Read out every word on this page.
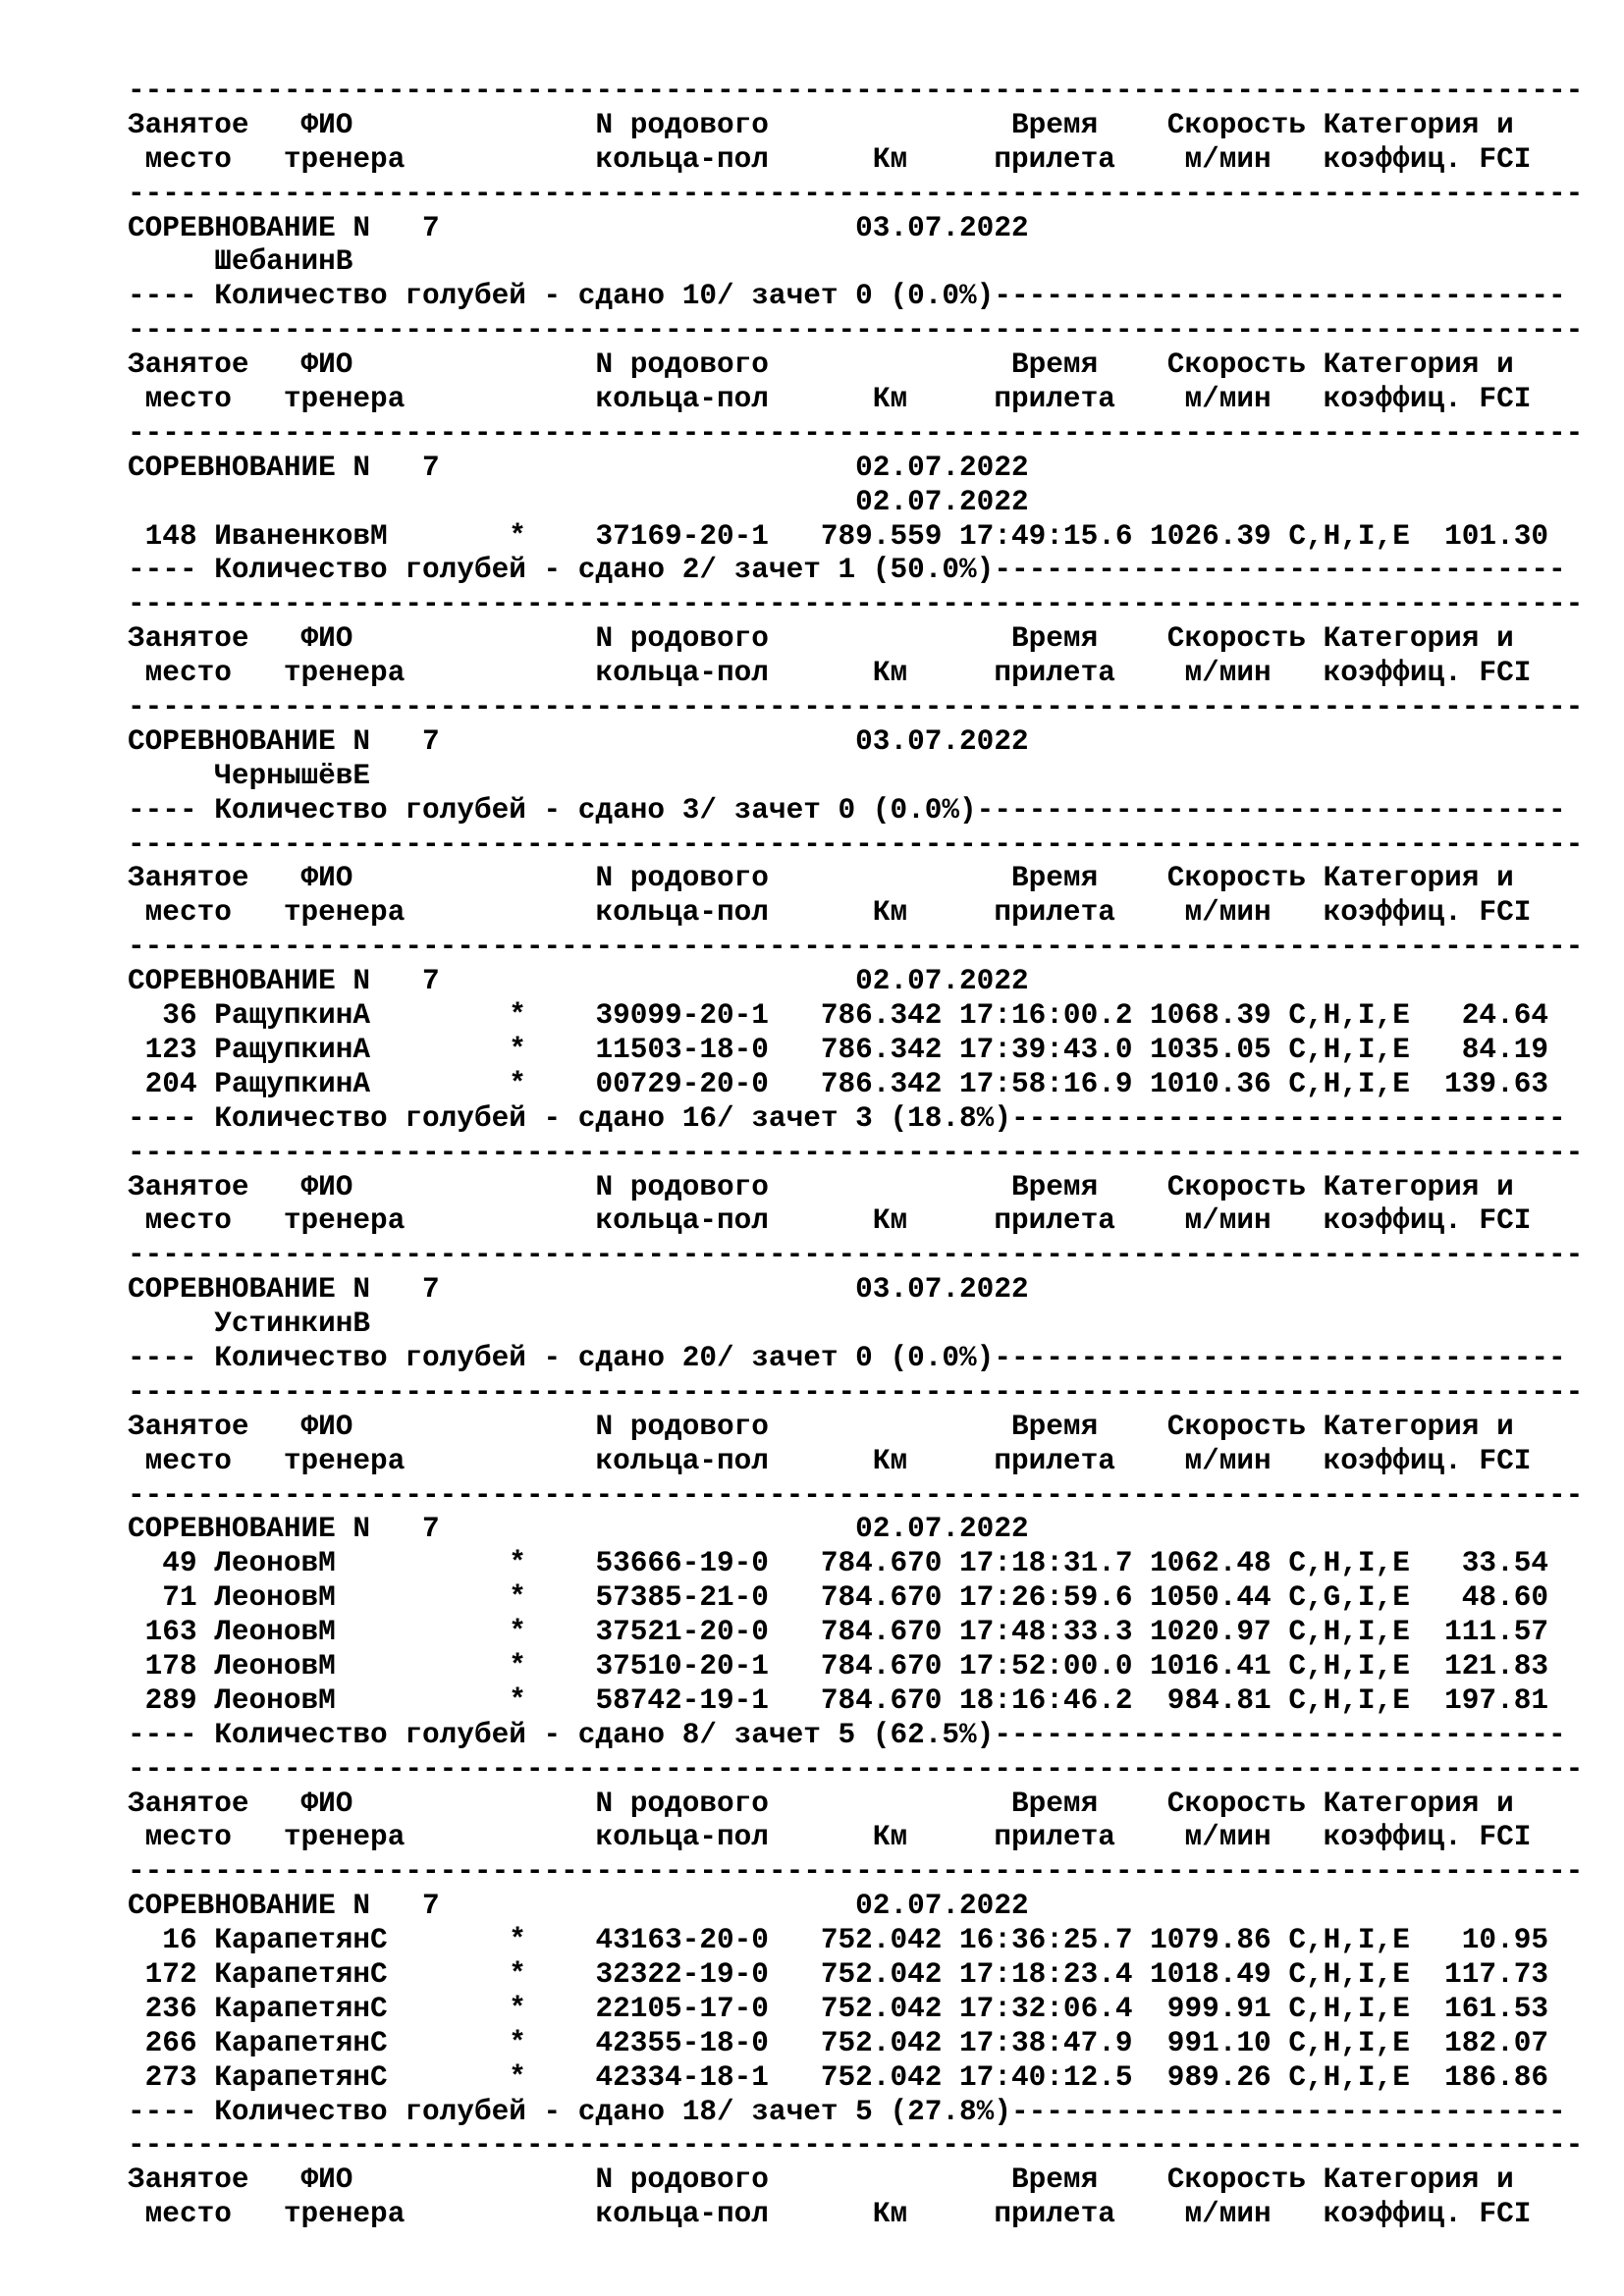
------------------------------------------------------------------------------------
Занятое   ФИО              N родового              Время    Скорость Категория и
место   тренера           кольца-пол      Км     прилета    м/мин   коэффиц. FCI
------------------------------------------------------------------------------------
СОРЕВНОВАНИЕ N   7                        03.07.2022
ШебанинВ
---- Количество голубей - сдано 10/ зачет 0 (0.0%)---------------------------------
------------------------------------------------------------------------------------
Занятое   ФИО              N родового              Время    Скорость Категория и
место   тренера           кольца-пол      Км     прилета    м/мин   коэффиц. FCI
------------------------------------------------------------------------------------
СОРЕВНОВАНИЕ N   7                        02.07.2022
02.07.2022
148 ИваненковМ       *    37169-20-1   789.559 17:49:15.6 1026.39 C,H,I,E  101.30
---- Количество голубей - сдано 2/ зачет 1 (50.0%)---------------------------------
------------------------------------------------------------------------------------
Занятое   ФИО              N родового              Время    Скорость Категория и
место   тренера           кольца-пол      Км     прилета    м/мин   коэффиц. FCI
------------------------------------------------------------------------------------
СОРЕВНОВАНИЕ N   7                        03.07.2022
ЧернышёвЕ
---- Количество голубей - сдано 3/ зачет 0 (0.0%)----------------------------------
------------------------------------------------------------------------------------
Занятое   ФИО              N родового              Время    Скорость Категория и
место   тренера           кольца-пол      Км     прилета    м/мин   коэффиц. FCI
------------------------------------------------------------------------------------
СОРЕВНОВАНИЕ N   7                        02.07.2022
36 РащупкинА        *    39099-20-1   786.342 17:16:00.2 1068.39 C,H,I,E   24.64
123 РащупкинА        *    11503-18-0   786.342 17:39:43.0 1035.05 C,H,I,E   84.19
204 РащупкинА        *    00729-20-0   786.342 17:58:16.9 1010.36 C,H,I,E  139.63
---- Количество голубей - сдано 16/ зачет 3 (18.8%)--------------------------------
------------------------------------------------------------------------------------
Занятое   ФИО              N родового              Время    Скорость Категория и
место   тренера           кольца-пол      Км     прилета    м/мин   коэффиц. FCI
------------------------------------------------------------------------------------
СОРЕВНОВАНИЕ N   7                        03.07.2022
УстинкинВ
---- Количество голубей - сдано 20/ зачет 0 (0.0%)---------------------------------
------------------------------------------------------------------------------------
Занятое   ФИО              N родового              Время    Скорость Категория и
место   тренера           кольца-пол      Км     прилета    м/мин   коэффиц. FCI
------------------------------------------------------------------------------------
СОРЕВНОВАНИЕ N   7                        02.07.2022
49 ЛеоновМ          *    53666-19-0   784.670 17:18:31.7 1062.48 C,H,I,E   33.54
71 ЛеоновМ          *    57385-21-0   784.670 17:26:59.6 1050.44 C,G,I,E   48.60
163 ЛеоновМ          *    37521-20-0   784.670 17:48:33.3 1020.97 C,H,I,E  111.57
178 ЛеоновМ          *    37510-20-1   784.670 17:52:00.0 1016.41 C,H,I,E  121.83
289 ЛеоновМ          *    58742-19-1   784.670 18:16:46.2  984.81 C,H,I,E  197.81
---- Количество голубей - сдано 8/ зачет 5 (62.5%)---------------------------------
------------------------------------------------------------------------------------
Занятое   ФИО              N родового              Время    Скорость Категория и
место   тренера           кольца-пол      Км     прилета    м/мин   коэффиц. FCI
------------------------------------------------------------------------------------
СОРЕВНОВАНИЕ N   7                        02.07.2022
16 КарапетянС       *    43163-20-0   752.042 16:36:25.7 1079.86 C,H,I,E   10.95
172 КарапетянС       *    32322-19-0   752.042 17:18:23.4 1018.49 C,H,I,E  117.73
236 КарапетянС       *    22105-17-0   752.042 17:32:06.4  999.91 C,H,I,E  161.53
266 КарапетянС       *    42355-18-0   752.042 17:38:47.9  991.10 C,H,I,E  182.07
273 КарапетянС       *    42334-18-1   752.042 17:40:12.5  989.26 C,H,I,E  186.86
---- Количество голубей - сдано 18/ зачет 5 (27.8%)--------------------------------
------------------------------------------------------------------------------------
Занятое   ФИО              N родового              Время    Скорость Категория и
место   тренера           кольца-пол      Км     прилета    м/мин   коэффиц. FCI
